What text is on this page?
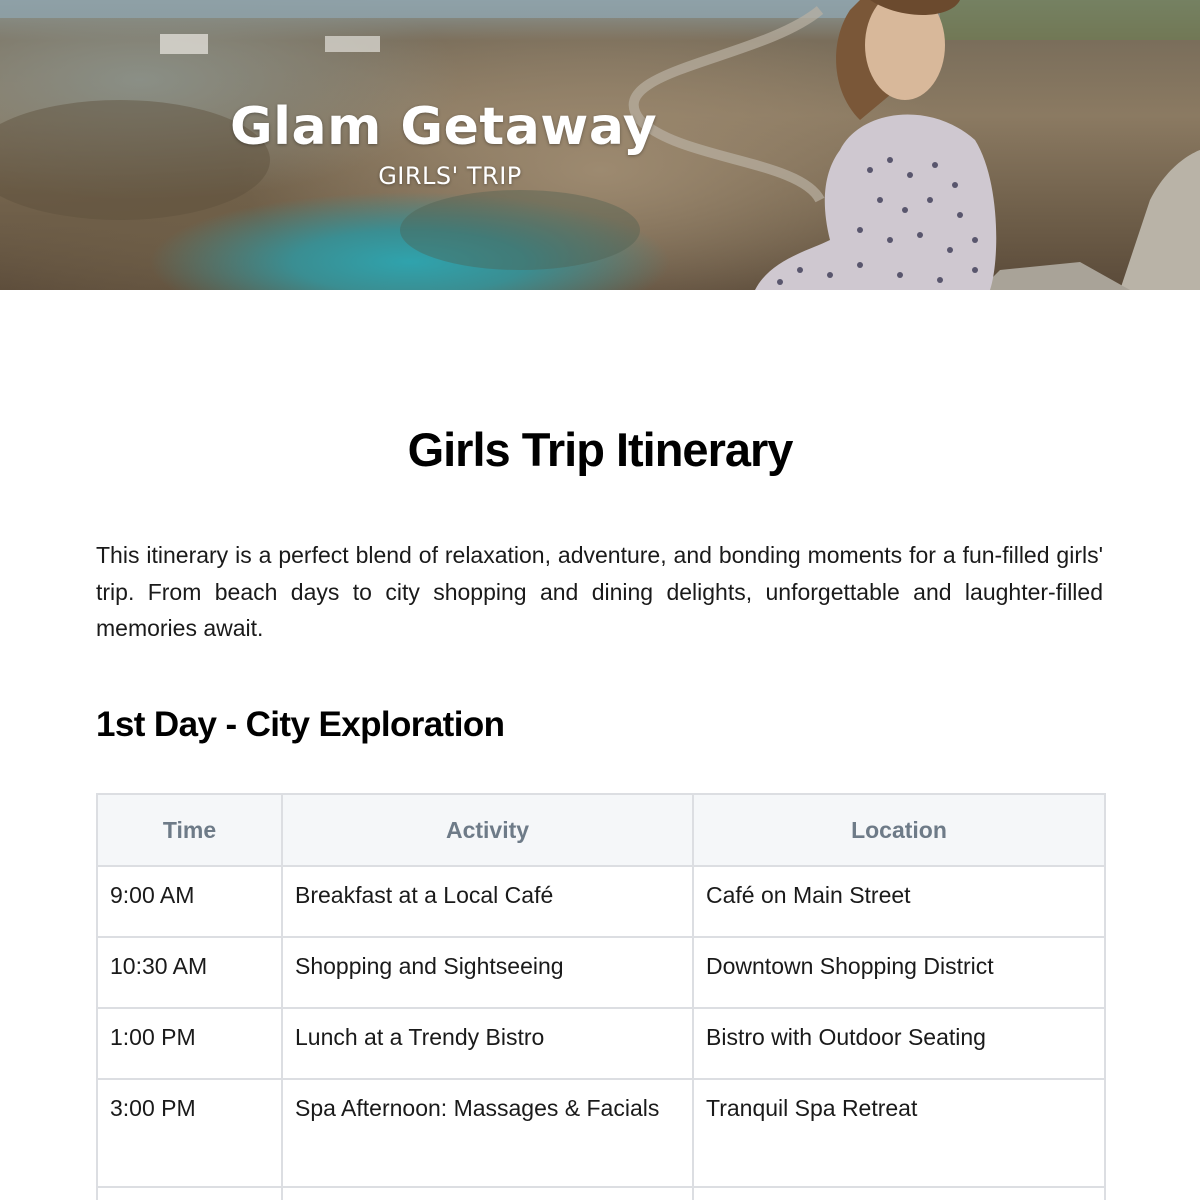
Glam Getaway
GIRLS' TRIP
Girls Trip Itinerary

This itinerary is a perfect blend of relaxation, adventure, and bonding moments for a fun-filled girls' trip. From beach days to city shopping and dining delights, unforgettable and laughter-filled memories await.

1st Day - City Exploration
Time	Activity	Location

9:00 AM	Breakfast at a Local Café	Café on Main Street

10:30 AM	Shopping and Sightseeing	Downtown Shopping District

1:00 PM	Lunch at a Trendy Bistro	Bistro with Outdoor Seating

3:00 PM	Spa Afternoon: Massages & Facials	Tranquil Spa Retreat
